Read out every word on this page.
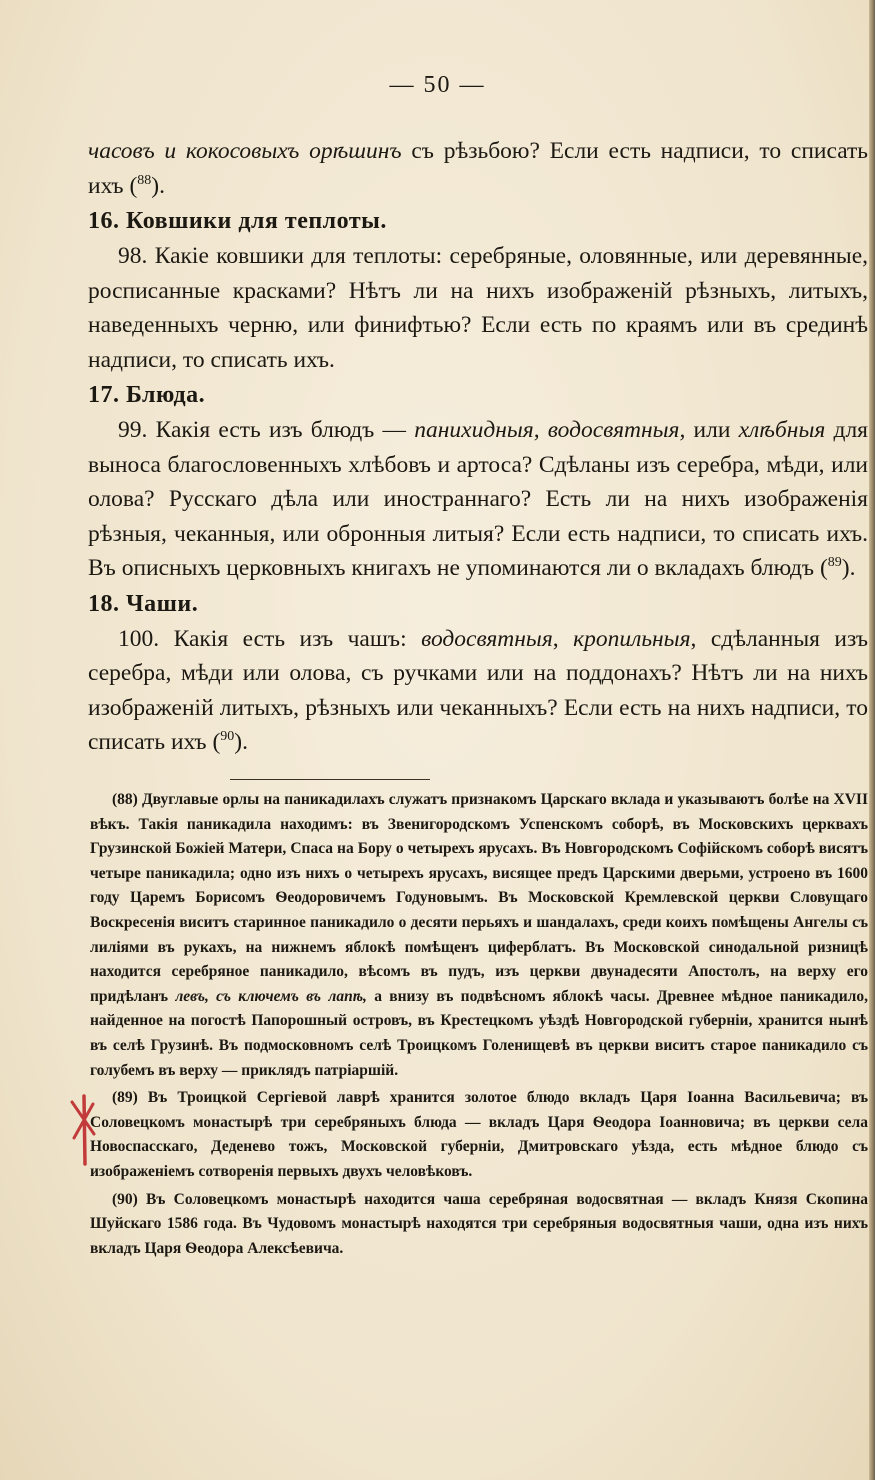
— 50 —

часовъ и кокосовыхъ орѣшинъ съ рѣзьбою? Если есть надписи, то списать ихъ ($^{88}$).

16. Ковшики для теплоты.

98. Какіе ковшики для теплоты: серебряные, оловянные, или деревянные, росписанные красками? Нѣтъ ли на нихъ изображеній рѣзныхъ, литыхъ, наведенныхъ черню, или финифтью? Если есть по краямъ или въ срединѣ надписи, то списать ихъ.

17. Блюда.

99. Какія есть изъ блюдъ — панихидныя, водосвятныя, или хлѣбныя для выноса благословенныхъ хлѣбовъ и артоса? Сдѣланы изъ серебра, мѣди, или олова? Русскаго дѣла или иностраннаго? Есть ли на нихъ изображенія рѣзныя, чеканныя, или обронныя литыя? Если есть надписи, то списать ихъ. Въ описныхъ церковныхъ книгахъ не упоминаются ли о вкладахъ блюдъ ($^{89}$).

18. Чаши.

100. Какія есть изъ чашъ: водосвятныя, кропильныя, сдѣланныя изъ серебра, мѣди или олова, съ ручками или на поддонахъ? Нѣтъ ли на нихъ изображеній литыхъ, рѣзныхъ или чеканныхъ? Если есть на нихъ надписи, то списать ихъ ($^{90}$).

(88) Двуглавые орлы на паникадилахъ служатъ признакомъ Царскаго вклада и указываютъ болѣе на XVII вѣкъ. Такія паникадила находимъ: въ Звенигородскомъ Успенскомъ соборѣ, въ Московскихъ церквахъ Грузинской Божіей Матери, Спаса на Бору о четырехъ ярусахъ. Въ Новгородскомъ Софійскомъ соборѣ висятъ четыре паникадила; одно изъ нихъ о четырехъ ярусахъ, висящее предъ Царскими дверьми, устроено въ 1600 году Царемъ Борисомъ Ѳеодоровичемъ Годуновымъ. Въ Московской Кремлевской церкви Словущаго Воскресенія виситъ старинное паникадило о десяти перьяхъ и шандалахъ, среди коихъ помѣщены Ангелы съ лиліями въ рукахъ, на нижнемъ яблокѣ помѣщенъ циферблатъ. Въ Московской синодальной ризницѣ находится серебряное паникадило, вѣсомъ въ пудъ, изъ церкви двунадесяти Апостолъ, на верху его придѣланъ левъ, съ ключемъ въ лапѣ, а внизу въ подвѣсномъ яблокѣ часы. Древнее мѣдное паникадило, найденное на погостѣ Папорошный островъ, въ Крестецкомъ уѣздѣ Новгородской губерніи, хранится нынѣ въ селѣ Грузинѣ. Въ подмосковномъ селѣ Троицкомъ Голенищевѣ въ церкви виситъ старое паникадило съ голубемъ въ верху — приклядъ патріаршій.

(89) Въ Троицкой Сергіевой лаврѣ хранится золотое блюдо вкладъ Царя Іоанна Васильевича; въ Соловецкомъ монастырѣ три серебряныхъ блюда — вкладъ Царя Ѳеодора Іоанновича; въ церкви села Новоспасскаго, Деденево тожъ, Московской губерніи, Дмитровскаго уѣзда, есть мѣдное блюдо съ изображеніемъ сотворенія первыхъ двухъ человѣковъ.

(90) Въ Соловецкомъ монастырѣ находится чаша серебряная водосвятная — вкладъ Князя Скопина Шуйскаго 1586 года. Въ Чудовомъ монастырѣ находятся три серебряныя водосвятныя чаши, одна изъ нихъ вкладъ Царя Ѳеодора Алексѣевича.
